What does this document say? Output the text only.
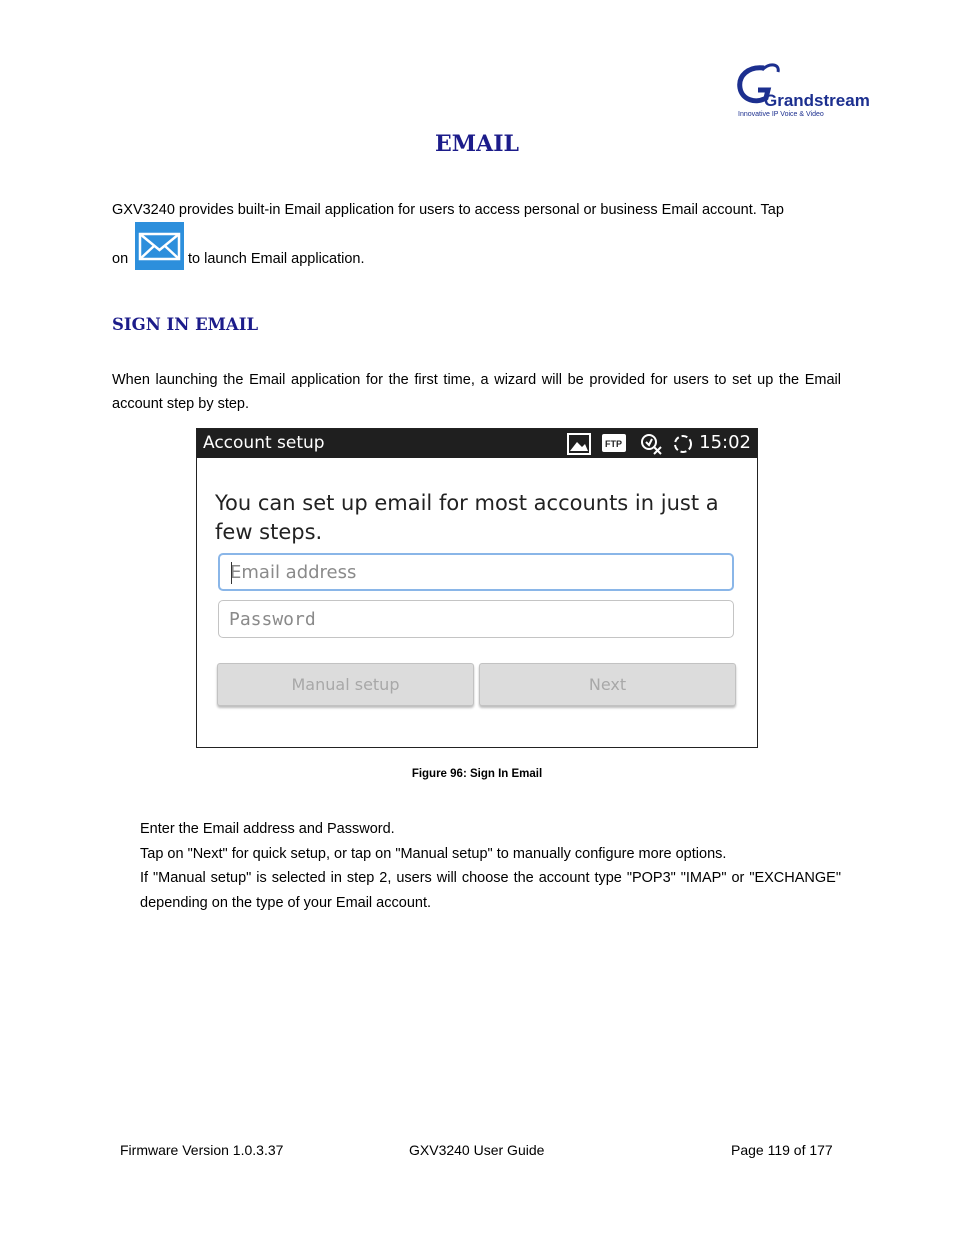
Grandstream
Innovative IP Voice & Video
EMAIL
GXV3240 provides built-in Email application for users to access personal or business Email account. Tap
on	to launch Email application.
SIGN IN EMAIL
When launching the Email application for the first time, a wizard will be provided for users to set up the Email account step by step.
Account setup	FTP	15:02
You can set up email for most accounts in just a few steps.
Email address
Password
Manual setup	Next
Figure 96: Sign In Email
Enter the Email address and Password.
Tap on "Next" for quick setup, or tap on "Manual setup" to manually configure more options.
If "Manual setup" is selected in step 2, users will choose the account type "POP3" "IMAP" or "EXCHANGE" depending on the type of your Email account.
Firmware Version 1.0.3.37	GXV3240 User Guide	Page 119 of 177
